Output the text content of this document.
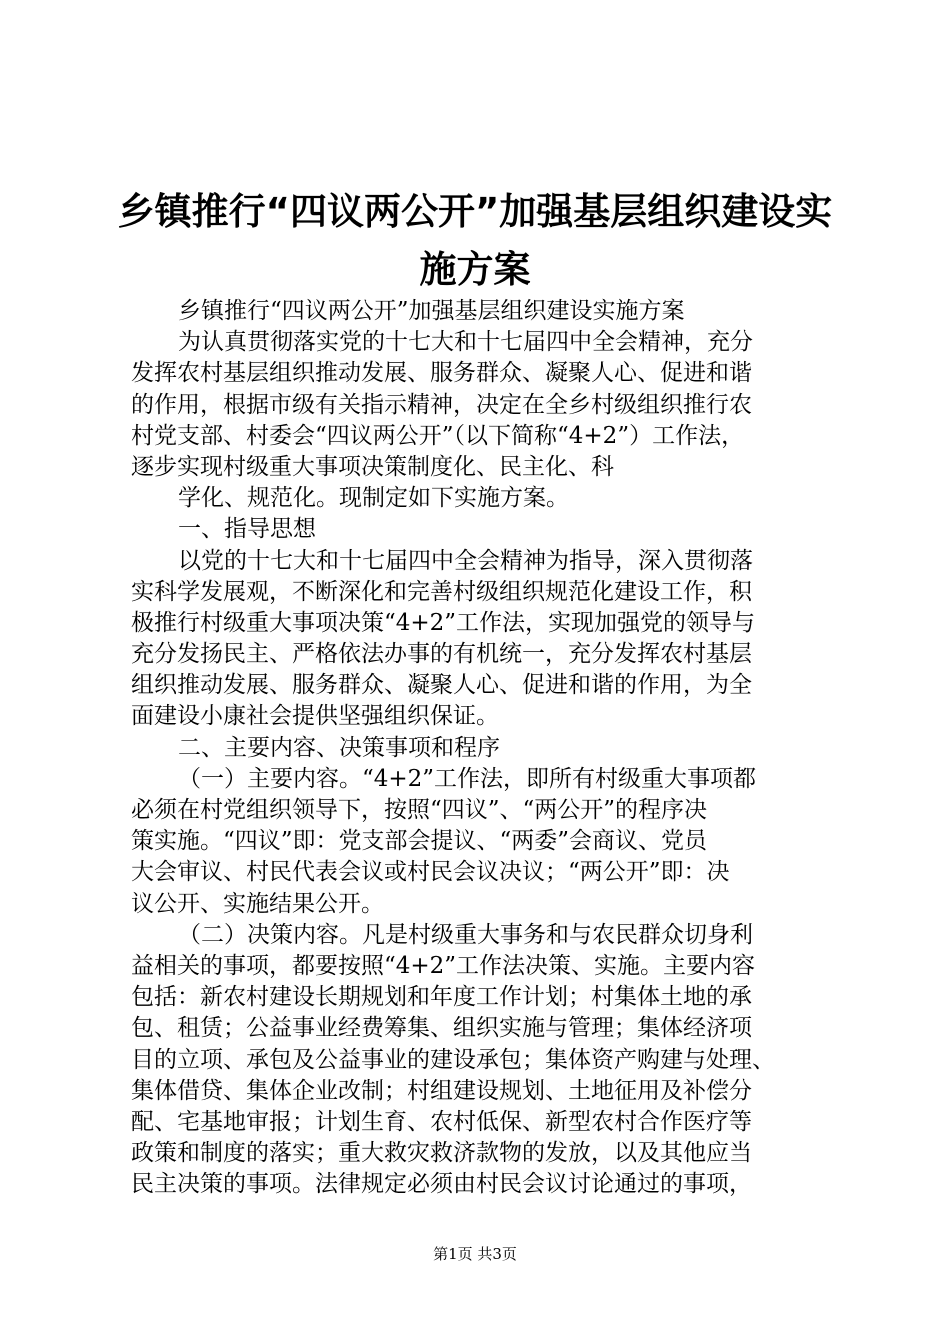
乡镇推行“四议两公开”加强基层组织建设实
施方案
乡镇推行“四议两公开”加强基层组织建设实施方案
为认真贯彻落实党的十七大和十七届四中全会精神，充分
发挥农村基层组织推动发展、服务群众、凝聚人心、促进和谐
的作用，根据市级有关指示精神，决定在全乡村级组织推行农
村党支部、村委会“四议两公开”（以下简称“4+2”）工作法，
逐步实现村级重大事项决策制度化、民主化、科
学化、规范化。现制定如下实施方案。
一、指导思想
以党的十七大和十七届四中全会精神为指导，深入贯彻落
实科学发展观，不断深化和完善村级组织规范化建设工作，积
极推行村级重大事项决策“4+2”工作法，实现加强党的领导与
充分发扬民主、严格依法办事的有机统一，充分发挥农村基层
组织推动发展、服务群众、凝聚人心、促进和谐的作用，为全
面建设小康社会提供坚强组织保证。
二、主要内容、决策事项和程序
（一）主要内容。“4+2”工作法，即所有村级重大事项都
必须在村党组织领导下，按照“四议”、“两公开”的程序决
策实施。“四议”即：党支部会提议、“两委”会商议、党员
大会审议、村民代表会议或村民会议决议；“两公开”即：决
议公开、实施结果公开。
（二）决策内容。凡是村级重大事务和与农民群众切身利
益相关的事项，都要按照“4+2”工作法决策、实施。主要内容
包括：新农村建设长期规划和年度工作计划；村集体土地的承
包、租赁；公益事业经费筹集、组织实施与管理；集体经济项
目的立项、承包及公益事业的建设承包；集体资产购建与处理、
集体借贷、集体企业改制；村组建设规划、土地征用及补偿分
配、宅基地审报；计划生育、农村低保、新型农村合作医疗等
政策和制度的落实；重大救灾救济款物的发放，以及其他应当
民主决策的事项。法律规定必须由村民会议讨论通过的事项，
第1页 共3页
